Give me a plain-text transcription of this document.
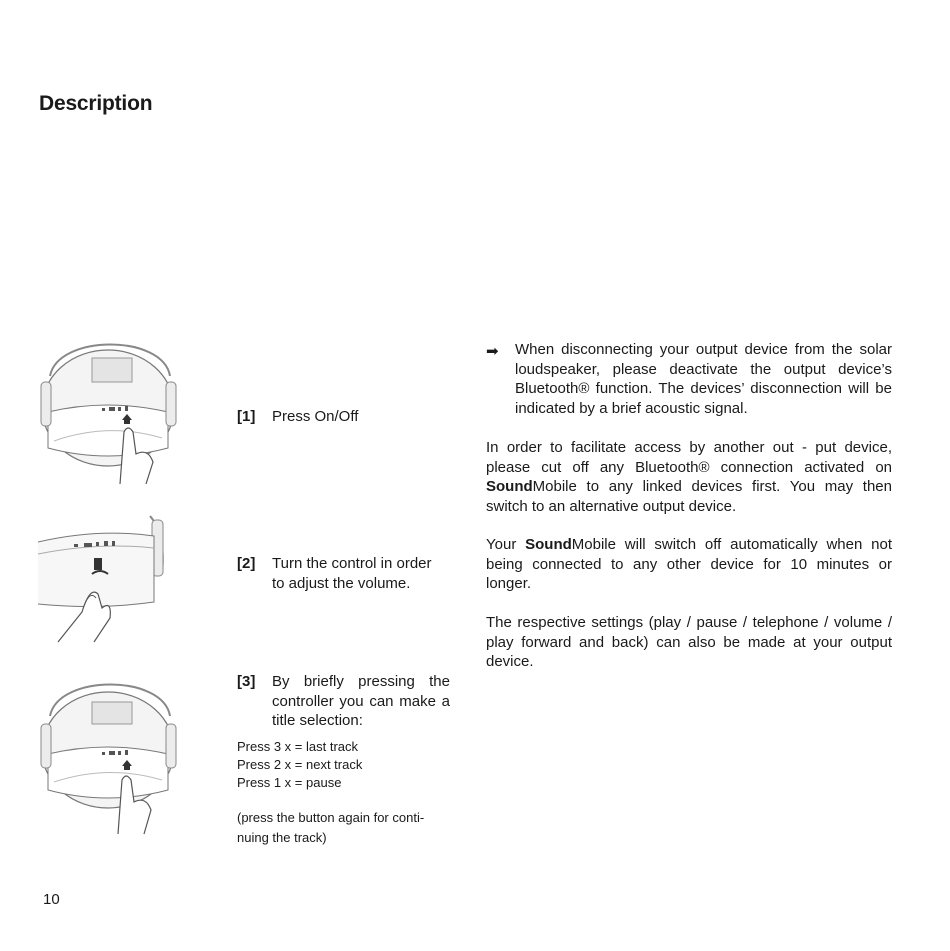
Description
[1] Press On/Off
[2] Turn the control in order to adjust the volume.
[3] By briefly pressing the controller you can make a title selection:
Press 3 x = last track
Press 2 x = next track
Press 1 x = pause
(press the button again for conti-nuing the track)
➡ When disconnecting your output device from the solar loudspeaker, please deactivate the output device’s Bluetooth® function. The devices’ disconnection will be indicated by a brief acoustic signal.
In order to facilitate access by another out - put device, please cut off any Bluetooth® connection activated on SoundMobile to any linked devices first. You may then switch to an alternative output device.
Your SoundMobile will switch off automatically when not being connected to any other device for 10 minutes or longer.
The respective settings (play / pause / telephone / volume / play forward and back) can also be made at your output device.
10
